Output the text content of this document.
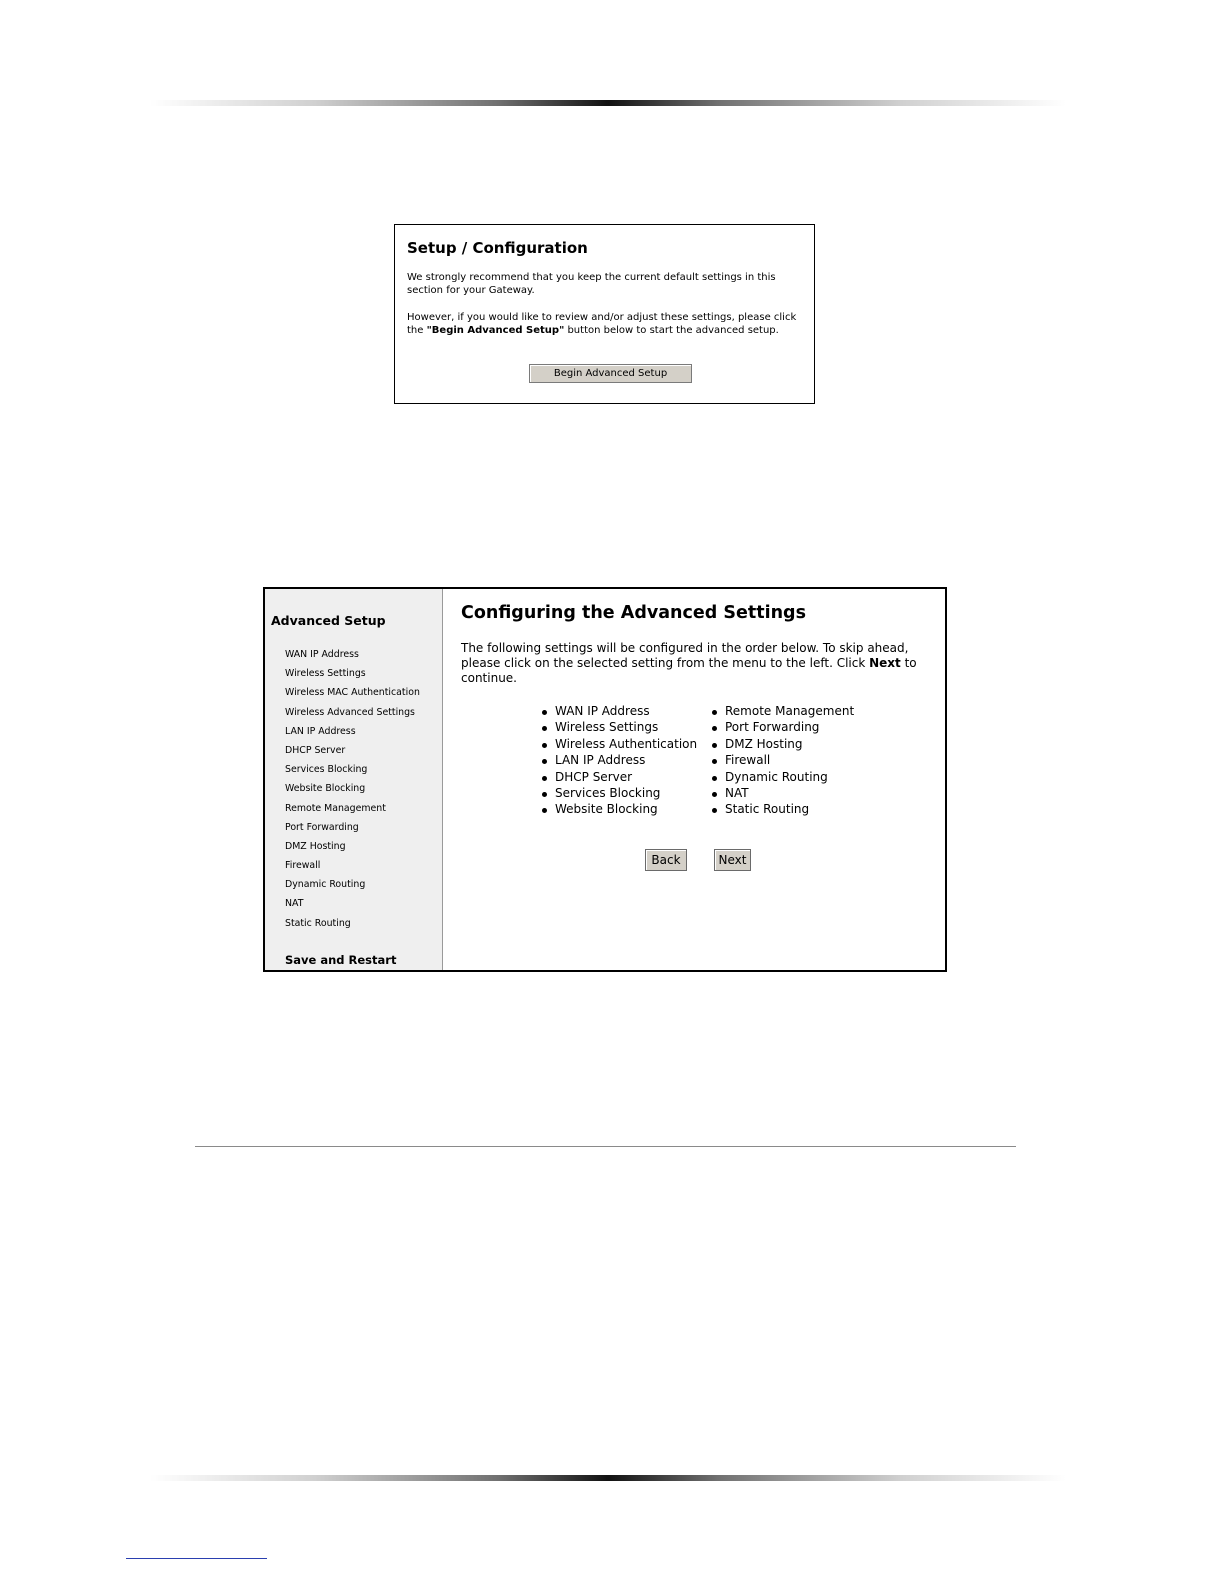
Setup / Configuration
We strongly recommend that you keep the current default settings in this section for your Gateway.
However, if you would like to review and/or adjust these settings, please click the "Begin Advanced Setup" button below to start the advanced setup.
Begin Advanced Setup
Advanced Setup
WAN IP Address
Wireless Settings
Wireless MAC Authentication
Wireless Advanced Settings
LAN IP Address
DHCP Server
Services Blocking
Website Blocking
Remote Management
Port Forwarding
DMZ Hosting
Firewall
Dynamic Routing
NAT
Static Routing
Save and Restart
Configuring the Advanced Settings
The following settings will be configured in the order below. To skip ahead, please click on the selected setting from the menu to the left. Click Next to continue.
WAN IP Address
Wireless Settings
Wireless Authentication
LAN IP Address
DHCP Server
Services Blocking
Website Blocking
Remote Management
Port Forwarding
DMZ Hosting
Firewall
Dynamic Routing
NAT
Static Routing
Back	Next
